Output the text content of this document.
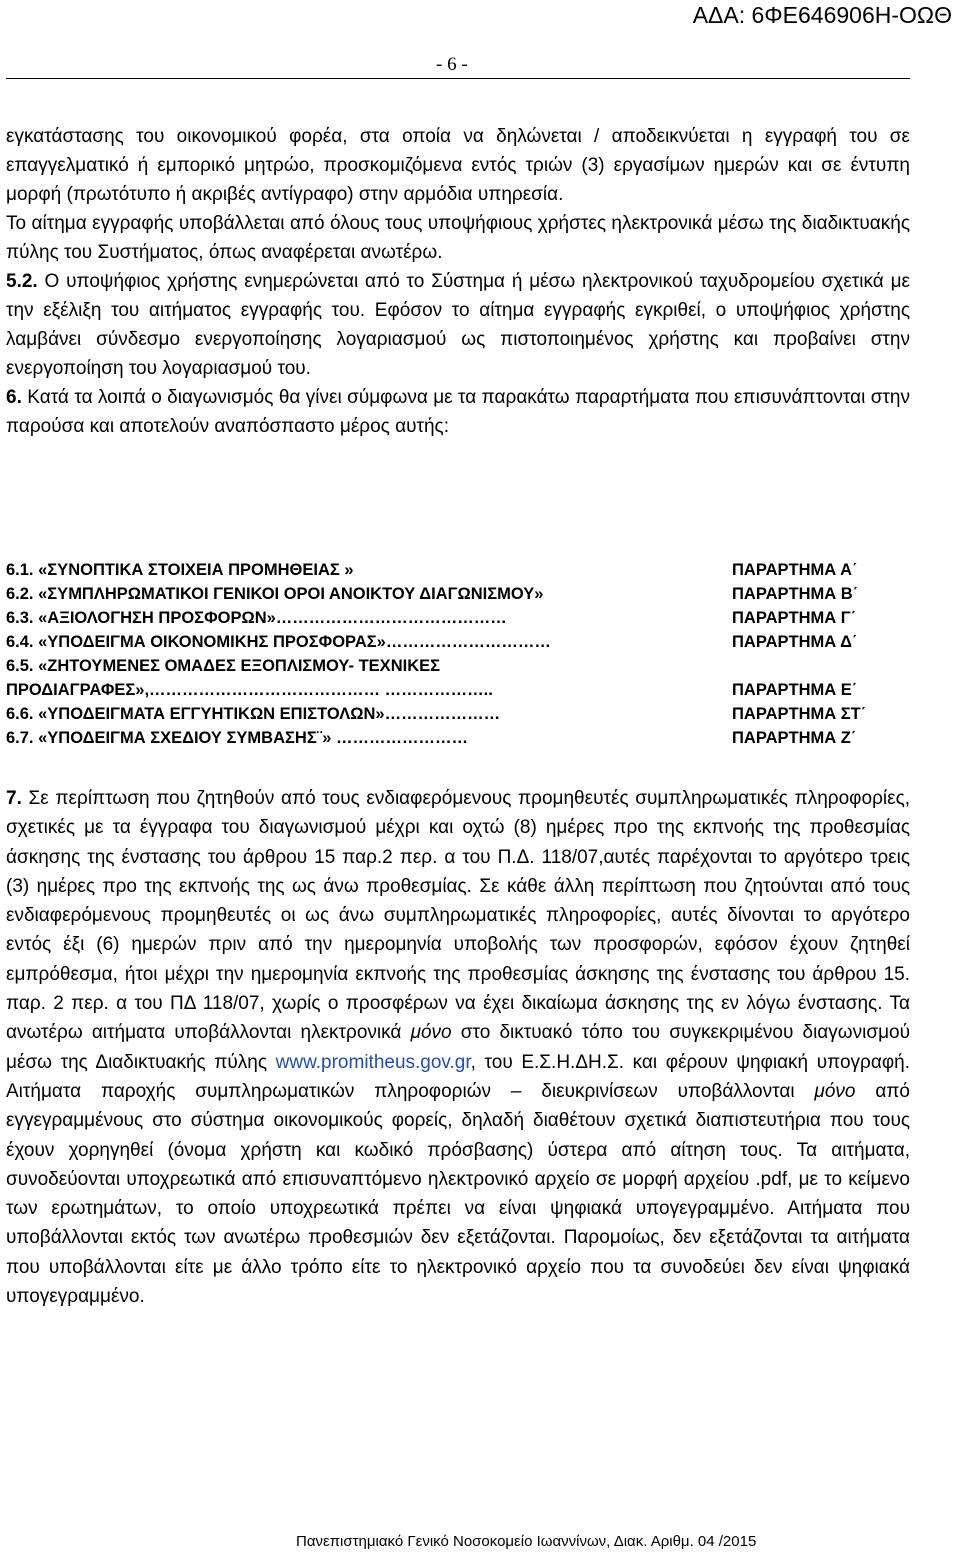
ΑΔΑ: 6ΦΕ646906Η-ΟΩΘ
- 6 -

εγκατάστασης του οικονομικού φορέα, στα οποία να δηλώνεται / αποδεικνύεται η εγγραφή του σε επαγγελματικό ή εμπορικό μητρώο, προσκομιζόμενα εντός τριών (3) εργασίμων ημερών και σε έντυπη μορφή (πρωτότυπο ή ακριβές αντίγραφο) στην αρμόδια υπηρεσία.

Το αίτημα εγγραφής υποβάλλεται από όλους τους υποψήφιους χρήστες ηλεκτρονικά μέσω της διαδικτυακής πύλης του Συστήματος, όπως αναφέρεται ανωτέρω.

5.2. Ο υποψήφιος χρήστης ενημερώνεται από το Σύστημα ή μέσω ηλεκτρονικού ταχυδρομείου σχετικά με την εξέλιξη του αιτήματος εγγραφής του. Εφόσον το αίτημα εγγραφής εγκριθεί, ο υποψήφιος χρήστης λαμβάνει σύνδεσμο ενεργοποίησης λογαριασμού ως πιστοποιημένος χρήστης και προβαίνει στην ενεργοποίηση του λογαριασμού του.

6. Κατά τα λοιπά ο διαγωνισμός θα γίνει σύμφωνα με τα παρακάτω παραρτήματα που επισυνάπτονται στην παρούσα και αποτελούν αναπόσπαστο μέρος αυτής:

6.1. «ΣΥΝΟΠΤΙΚΑ ΣΤΟΙΧΕΙΑ ΠΡΟΜΗΘΕΙΑΣ »	ΠΑΡΑΡΤΗΜΑ Α΄
6.2. «ΣΥΜΠΛΗΡΩΜΑΤΙΚΟΙ ΓΕΝΙΚΟΙ ΟΡΟΙ ΑΝΟΙΚΤΟΥ ΔΙΑΓΩΝΙΣΜΟΥ»	ΠΑΡΑΡΤΗΜΑ Β΄
6.3. «ΑΞΙΟΛΟΓΗΣΗ ΠΡΟΣΦΟΡΩΝ»……………………………………	ΠΑΡΑΡΤΗΜΑ Γ΄
6.4. «ΥΠΟΔΕΙΓΜΑ ΟΙΚΟΝΟΜΙΚΗΣ ΠΡΟΣΦΟΡΑΣ»…………………………	ΠΑΡΑΡΤΗΜΑ Δ΄
6.5. «ΖΗΤΟΥΜΕΝΕΣ ΟΜΑΔΕΣ ΕΞΟΠΛΙΣΜΟΥ- ΤΕΧΝΙΚΕΣ
ΠΡΟΔΙΑΓΡΑΦΕΣ»,…………………………………… ………………..	ΠΑΡΑΡΤΗΜΑ Ε΄
6.6. «ΥΠΟΔΕΙΓΜΑΤΑ ΕΓΓΥΗΤΙΚΩΝ ΕΠΙΣΤΟΛΩΝ»…………………	ΠΑΡΑΡΤΗΜΑ ΣΤ΄
6.7. «ΥΠΟΔΕΙΓΜΑ ΣΧΕΔΙΟΥ ΣΥΜΒΑΣΗΣ¨» ……………………	ΠΑΡΑΡΤΗΜΑ Ζ΄

7. Σε περίπτωση που ζητηθούν από τους ενδιαφερόμενους προμηθευτές συμπληρωματικές πληροφορίες, σχετικές με τα έγγραφα του διαγωνισμού μέχρι και οχτώ (8) ημέρες προ της εκπνοής της προθεσμίας άσκησης της ένστασης του άρθρου 15 παρ.2 περ. α του Π.Δ. 118/07,αυτές παρέχονται το αργότερο τρεις (3) ημέρες προ της εκπνοής της ως άνω προθεσμίας. Σε κάθε άλλη περίπτωση που ζητούνται από τους ενδιαφερόμενους προμηθευτές οι ως άνω συμπληρωματικές πληροφορίες, αυτές δίνονται το αργότερο εντός έξι (6) ημερών πριν από την ημερομηνία υποβολής των προσφορών, εφόσον έχουν ζητηθεί εμπρόθεσμα, ήτοι μέχρι την ημερομηνία εκπνοής της προθεσμίας άσκησης της ένστασης του άρθρου 15. παρ. 2 περ. α του ΠΔ 118/07, χωρίς ο προσφέρων να έχει δικαίωμα άσκησης της εν λόγω ένστασης. Τα ανωτέρω αιτήματα υποβάλλονται ηλεκτρονικά μόνο στο δικτυακό τόπο του συγκεκριμένου διαγωνισμού μέσω της Διαδικτυακής πύλης www.promitheus.gov.gr, του Ε.Σ.Η.ΔΗ.Σ. και φέρουν ψηφιακή υπογραφή. Αιτήματα παροχής συμπληρωματικών πληροφοριών – διευκρινίσεων υποβάλλονται μόνο από εγγεγραμμένους στο σύστημα οικονομικούς φορείς, δηλαδή διαθέτουν σχετικά διαπιστευτήρια που τους έχουν χορηγηθεί (όνομα χρήστη και κωδικό πρόσβασης) ύστερα από αίτηση τους. Τα αιτήματα, συνοδεύονται υποχρεωτικά από επισυναπτόμενο ηλεκτρονικό αρχείο σε μορφή αρχείου .pdf, με το κείμενο των ερωτημάτων, το οποίο υποχρεωτικά πρέπει να είναι ψηφιακά υπογεγραμμένο. Αιτήματα που υποβάλλονται εκτός των ανωτέρω προθεσμιών δεν εξετάζονται. Παρομοίως, δεν εξετάζονται τα αιτήματα που υποβάλλονται είτε με άλλο τρόπο είτε το ηλεκτρονικό αρχείο που τα συνοδεύει δεν είναι ψηφιακά υπογεγραμμένο.

Πανεπιστημιακό Γενικό Νοσοκομείο Ιωαννίνων, Διακ. Αριθμ. 04 /2015
